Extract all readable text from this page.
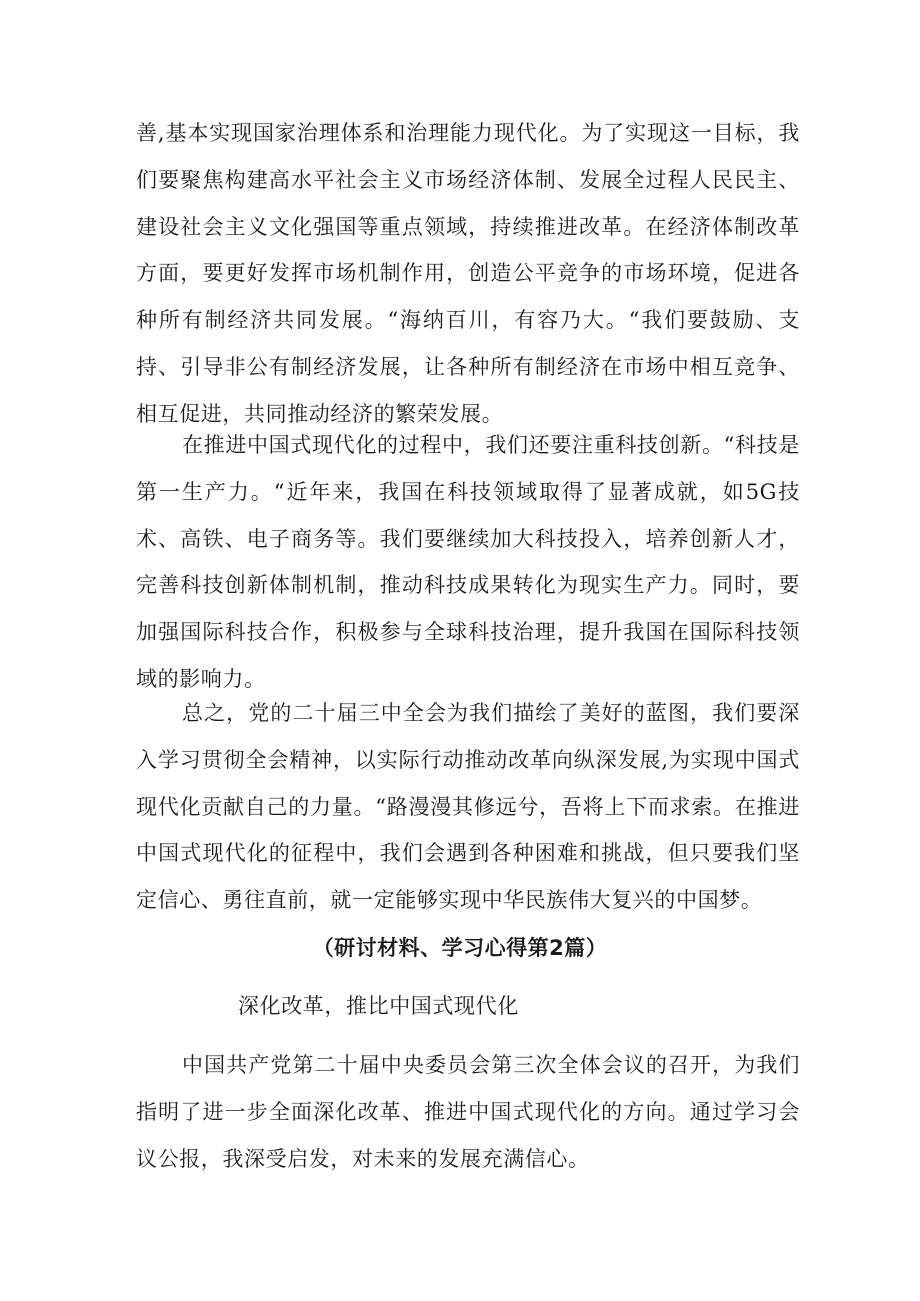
善,基本实现国家治理体系和治理能力现代化。为了实现这一目标，我们要聚焦构建高水平社会主义市场经济体制、发展全过程人民民主、建设社会主义文化强国等重点领域，持续推进改革。在经济体制改革方面，要更好发挥市场机制作用，创造公平竞争的市场环境，促进各种所有制经济共同发展。“海纳百川，有容乃大。“我们要鼓励、支持、引导非公有制经济发展，让各种所有制经济在市场中相互竞争、相互促进，共同推动经济的繁荣发展。

在推进中国式现代化的过程中，我们还要注重科技创新。“科技是第一生产力。“近年来，我国在科技领域取得了显著成就，如5G技术、高铁、电子商务等。我们要继续加大科技投入，培养创新人才，完善科技创新体制机制，推动科技成果转化为现实生产力。同时，要加强国际科技合作，积极参与全球科技治理，提升我国在国际科技领域的影响力。

总之，党的二十届三中全会为我们描绘了美好的蓝图，我们要深入学习贯彻全会精神，以实际行动推动改革向纵深发展,为实现中国式现代化贡献自己的力量。“路漫漫其修远兮，吾将上下而求索。在推进中国式现代化的征程中，我们会遇到各种困难和挑战，但只要我们坚定信心、勇往直前，就一定能够实现中华民族伟大复兴的中国梦。

（研讨材料、学习心得第2篇）

深化改革，推比中国式现代化

中国共产党第二十届中央委员会第三次全体会议的召开，为我们指明了进一步全面深化改革、推进中国式现代化的方向。通过学习会议公报，我深受启发，对未来的发展充满信心。
